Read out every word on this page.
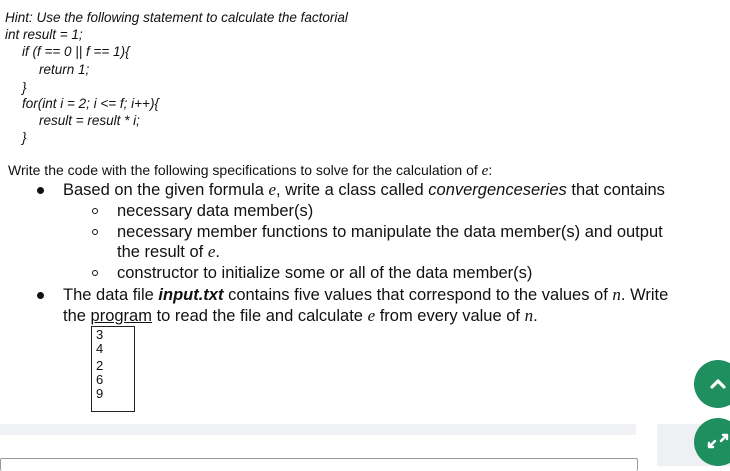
Hint: Use the following statement to calculate the factorial
int result = 1;
if (f == 0 || f == 1){
return 1;
}
for(int i = 2; i <= f; i++){
result = result * i;
}
Write the code with the following specifications to solve for the calculation of e:
Based on the given formula e, write a class called convergenceseries that contains
necessary data member(s)
necessary member functions to manipulate the data member(s) and output
the result of e.
constructor to initialize some or all of the data member(s)
The data file input.txt contains five values that correspond to the values of n. Write
the program to read the file and calculate e from every value of n.
3
4
2
6
9
